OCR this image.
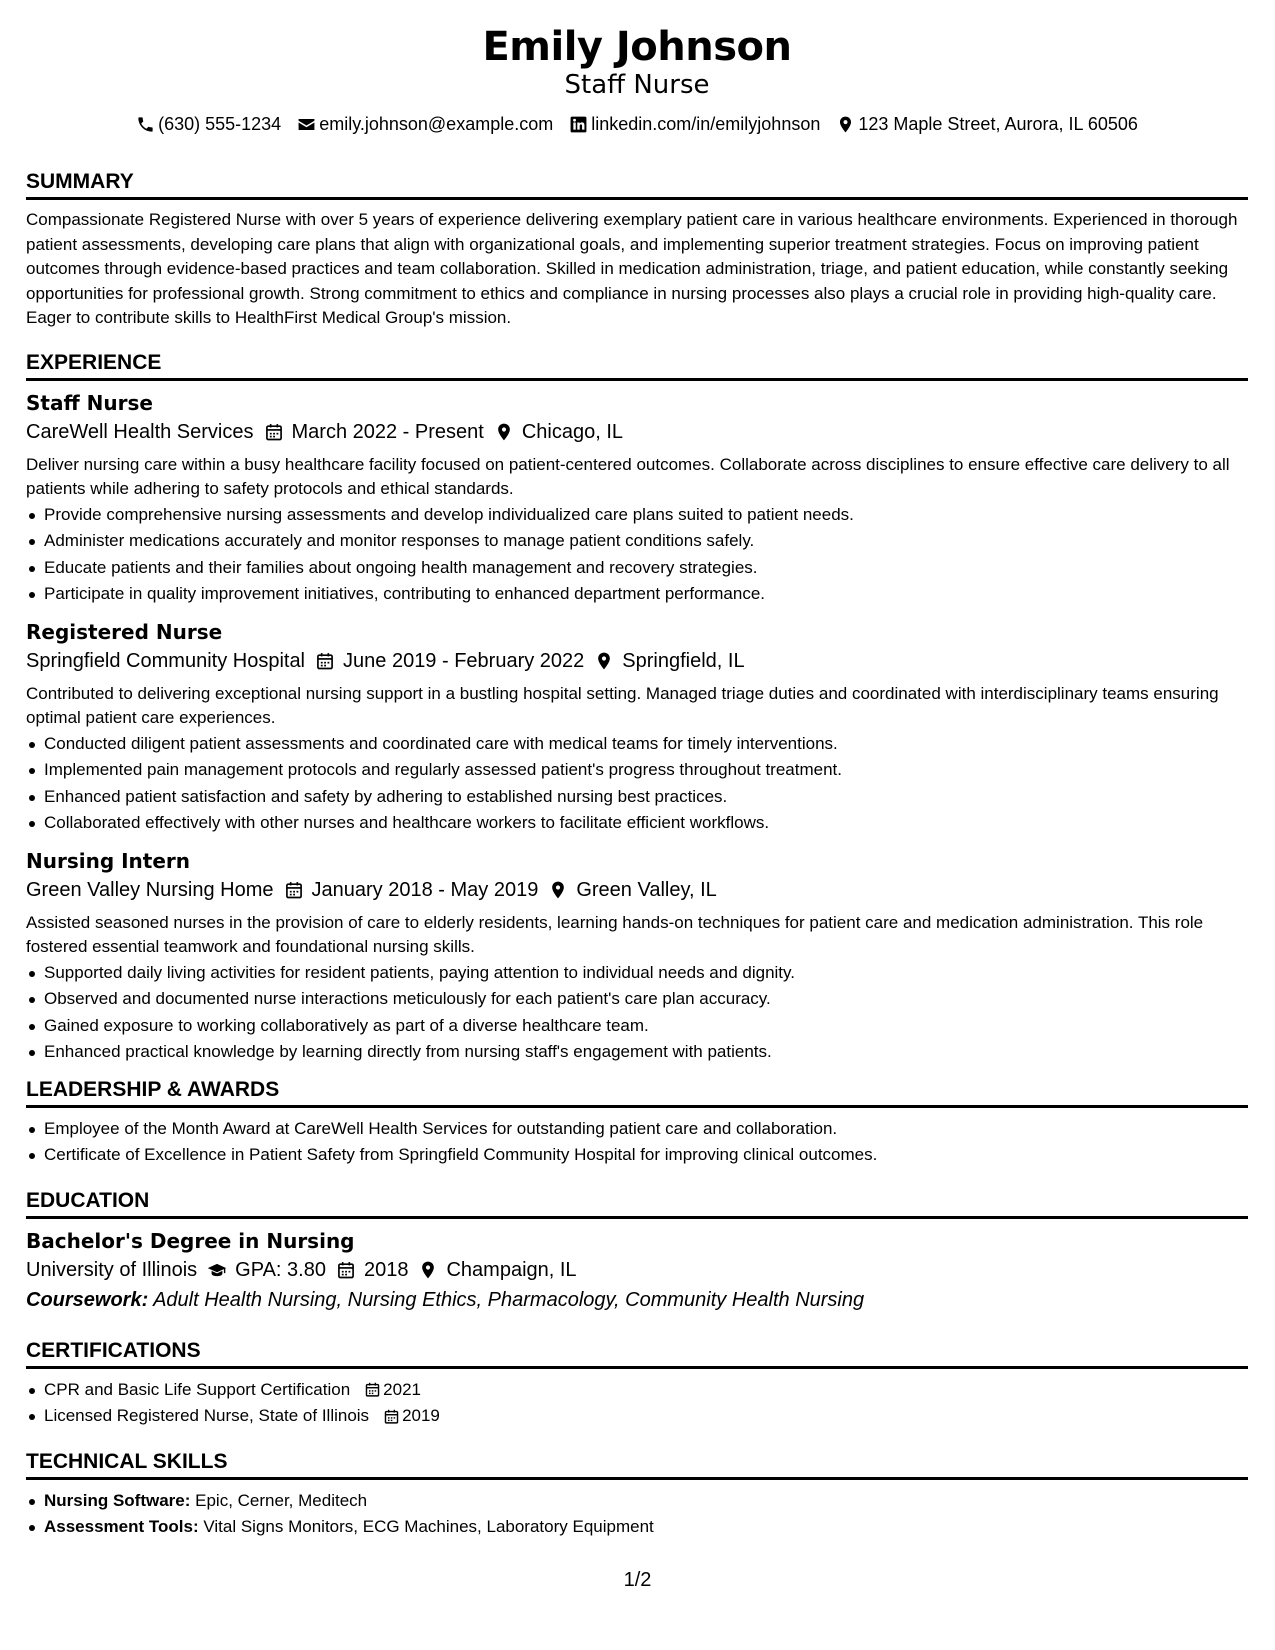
Emily Johnson
Staff Nurse
(630) 555-1234 emily.johnson@example.com linkedin.com/in/emilyjohnson 123 Maple Street, Aurora, IL 60506
SUMMARY
Compassionate Registered Nurse with over 5 years of experience delivering exemplary patient care in various healthcare environments. Experienced in thorough patient assessments, developing care plans that align with organizational goals, and implementing superior treatment strategies. Focus on improving patient outcomes through evidence-based practices and team collaboration. Skilled in medication administration, triage, and patient education, while constantly seeking opportunities for professional growth. Strong commitment to ethics and compliance in nursing processes also plays a crucial role in providing high-quality care. Eager to contribute skills to HealthFirst Medical Group's mission.
EXPERIENCE
Staff Nurse
CareWell Health Services March 2022 - Present Chicago, IL
Deliver nursing care within a busy healthcare facility focused on patient-centered outcomes. Collaborate across disciplines to ensure effective care delivery to all patients while adhering to safety protocols and ethical standards.
Provide comprehensive nursing assessments and develop individualized care plans suited to patient needs.
Administer medications accurately and monitor responses to manage patient conditions safely.
Educate patients and their families about ongoing health management and recovery strategies.
Participate in quality improvement initiatives, contributing to enhanced department performance.
Registered Nurse
Springfield Community Hospital June 2019 - February 2022 Springfield, IL
Contributed to delivering exceptional nursing support in a bustling hospital setting. Managed triage duties and coordinated with interdisciplinary teams ensuring optimal patient care experiences.
Conducted diligent patient assessments and coordinated care with medical teams for timely interventions.
Implemented pain management protocols and regularly assessed patient's progress throughout treatment.
Enhanced patient satisfaction and safety by adhering to established nursing best practices.
Collaborated effectively with other nurses and healthcare workers to facilitate efficient workflows.
Nursing Intern
Green Valley Nursing Home January 2018 - May 2019 Green Valley, IL
Assisted seasoned nurses in the provision of care to elderly residents, learning hands-on techniques for patient care and medication administration. This role fostered essential teamwork and foundational nursing skills.
Supported daily living activities for resident patients, paying attention to individual needs and dignity.
Observed and documented nurse interactions meticulously for each patient's care plan accuracy.
Gained exposure to working collaboratively as part of a diverse healthcare team.
Enhanced practical knowledge by learning directly from nursing staff's engagement with patients.
LEADERSHIP & AWARDS
Employee of the Month Award at CareWell Health Services for outstanding patient care and collaboration.
Certificate of Excellence in Patient Safety from Springfield Community Hospital for improving clinical outcomes.
EDUCATION
Bachelor's Degree in Nursing
University of Illinois GPA: 3.80 2018 Champaign, IL
Coursework: Adult Health Nursing, Nursing Ethics, Pharmacology, Community Health Nursing
CERTIFICATIONS
CPR and Basic Life Support Certification 2021
Licensed Registered Nurse, State of Illinois 2019
TECHNICAL SKILLS
Nursing Software: Epic, Cerner, Meditech
Assessment Tools: Vital Signs Monitors, ECG Machines, Laboratory Equipment
1/2
